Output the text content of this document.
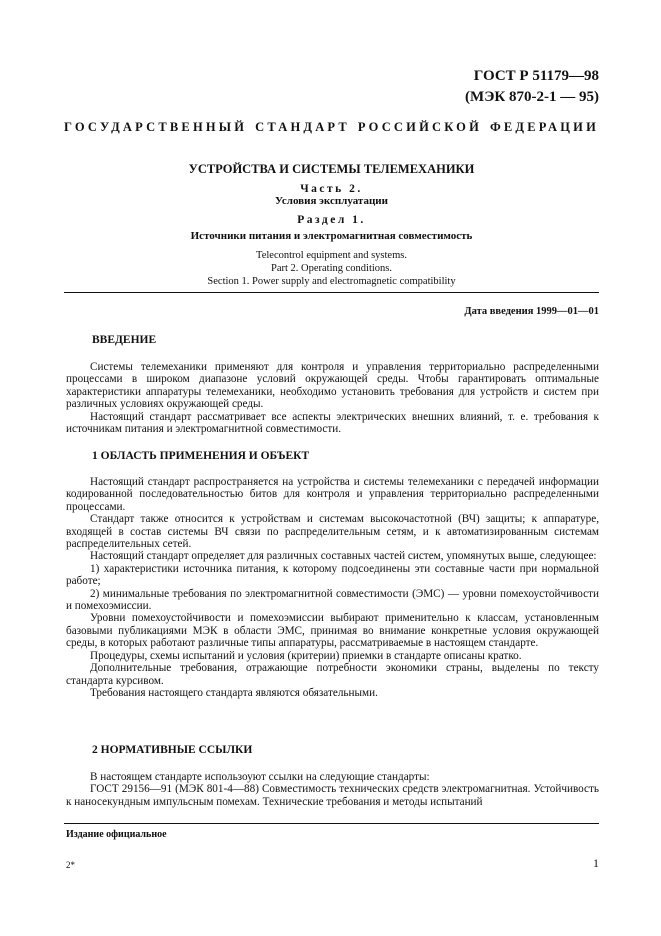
ГОСТ Р 51179—98
(МЭК 870-2-1 — 95)
ГОСУДАРСТВЕННЫЙ СТАНДАРТ РОССИЙСКОЙ ФЕДЕРАЦИИ
УСТРОЙСТВА И СИСТЕМЫ ТЕЛЕМЕХАНИКИ
Часть 2.
Условия эксплуатации
Раздел 1.
Источники питания и электромагнитная совместимость
Telecontrol equipment and systems.
Part 2. Operating conditions.
Section 1. Power supply and electromagnetic compatibility
Дата введения 1999—01—01
ВВЕДЕНИЕ

Системы телемеханики применяют для контроля и управления территориально распределенными процессами в широком диапазоне условий окружающей среды. Чтобы гарантировать оптимальные характеристики аппаратуры телемеханики, необходимо установить требования для устройств и систем при различных условиях окружающей среды.

Настоящий стандарт рассматривает все аспекты электрических внешних влияний, т. е. требования к источникам питания и электромагнитной совместимости.

1 ОБЛАСТЬ ПРИМЕНЕНИЯ И ОБЪЕКТ

Настоящий стандарт распространяется на устройства и системы телемеханики с передачей информации кодированной последовательностью битов для контроля и управления территориально распределенными процессами.

Стандарт также относится к устройствам и системам высокочастотной (ВЧ) защиты; к аппаратуре, входящей в состав системы ВЧ связи по распределительным сетям, и к автоматизированным системам распределительных сетей.

Настоящий стандарт определяет для различных составных частей систем, упомянутых выше, следующее:

1) характеристики источника питания, к которому подсоединены эти составные части при нормальной работе;

2) минимальные требования по электромагнитной совместимости (ЭМС) — уровни помехоустойчивости и помехоэмиссии.

Уровни помехоустойчивости и помехоэмиссии выбирают применительно к классам, установленным базовыми публикациями МЭК в области ЭМС, принимая во внимание конкретные условия окружающей среды, в которых работают различные типы аппаратуры, рассматриваемые в настоящем стандарте.

Процедуры, схемы испытаний и условия (критерии) приемки в стандарте описаны кратко.

Дополнительные требования, отражающие потребности экономики страны, выделены по тексту стандарта курсивом.

Требования настоящего стандарта являются обязательными.

2 НОРМАТИВНЫЕ ССЫЛКИ

В настоящем стандарте использоуют ссылки на следующие стандарты:

ГОСТ 29156—91 (МЭК 801-4—88) Совместимость технических средств электромагнитная. Устойчивость к наносекундным импульсным помехам. Технические требования и методы испытаний

Издание официальное
2*	1
